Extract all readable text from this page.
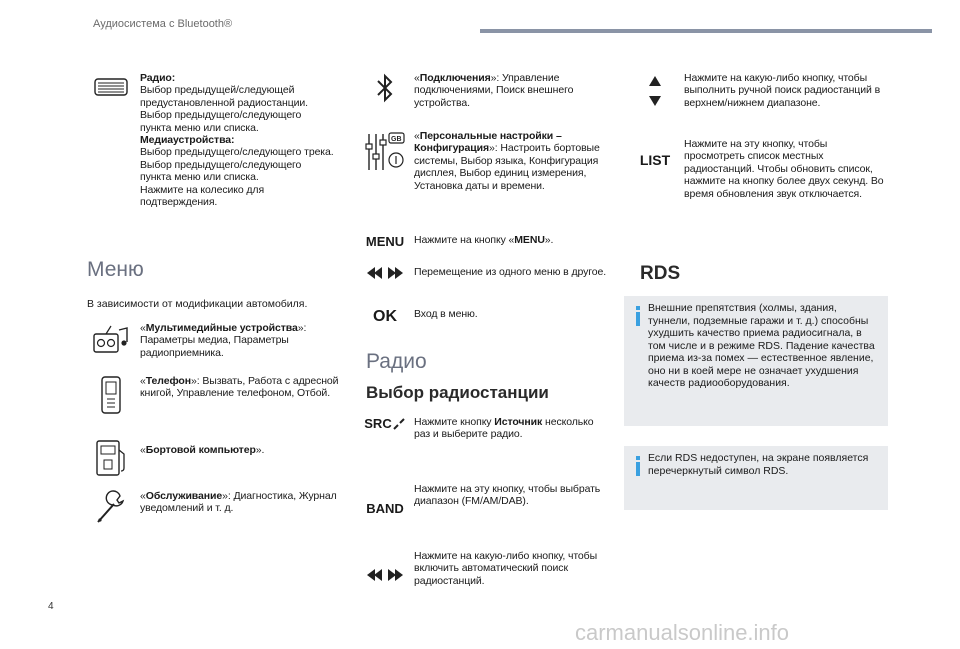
Аудиосистема с Bluetooth®
Радио:
Выбор предыдущей/следующей
предустановленной радиостанции.
Выбор предыдущего/следующего
пункта меню или списка.
Медиаустройства:
Выбор предыдущего/следующего трека.
Выбор предыдущего/следующего
пункта меню или списка.
Нажмите на колесико для
подтверждения.
Меню
В зависимости от модификации автомобиля.
«Мультимедийные устройства»: Параметры медиа, Параметры радиоприемника.
«Телефон»: Вызвать, Работа с адресной книгой, Управление телефоном, Отбой.
«Бортовой компьютер».
«Обслуживание»: Диагностика, Журнал уведомлений и т. д.
«Подключения»: Управление подключениями, Поиск внешнего устройства.
GB «Персональные настройки – Конфигурация»: Настроить бортовые системы, Выбор языка, Конфигурация дисплея, Выбор единиц измерения, Установка даты и времени.
MENU Нажмите на кнопку «MENU».
Перемещение из одного меню в другое.
OK Вход в меню.
Радио
Выбор радиостанции
SRC Нажмите кнопку Источник несколько раз и выберите радио.
BAND
Нажмите на эту кнопку, чтобы выбрать диапазон (FM/AM/DAB).
Нажмите на какую-либо кнопку, чтобы включить автоматический поиск радиостанций.
Нажмите на какую-либо кнопку, чтобы выполнить ручной поиск радиостанций в верхнем/нижнем диапазоне.
LIST
Нажмите на эту кнопку, чтобы просмотреть список местных радиостанций. Чтобы обновить список, нажмите на кнопку более двух секунд. Во время обновления звук отключается.
RDS
Внешние препятствия (холмы, здания, туннели, подземные гаражи и т. д.) способны ухудшить качество приема радиосигнала, в том числе и в режиме RDS. Падение качества приема из-за помех — естественное явление, оно ни в коей мере не означает ухудшения качеств радиооборудования.
Если RDS недоступен, на экране появляется перечеркнутый символ RDS.
4
carmanualsonline.info
